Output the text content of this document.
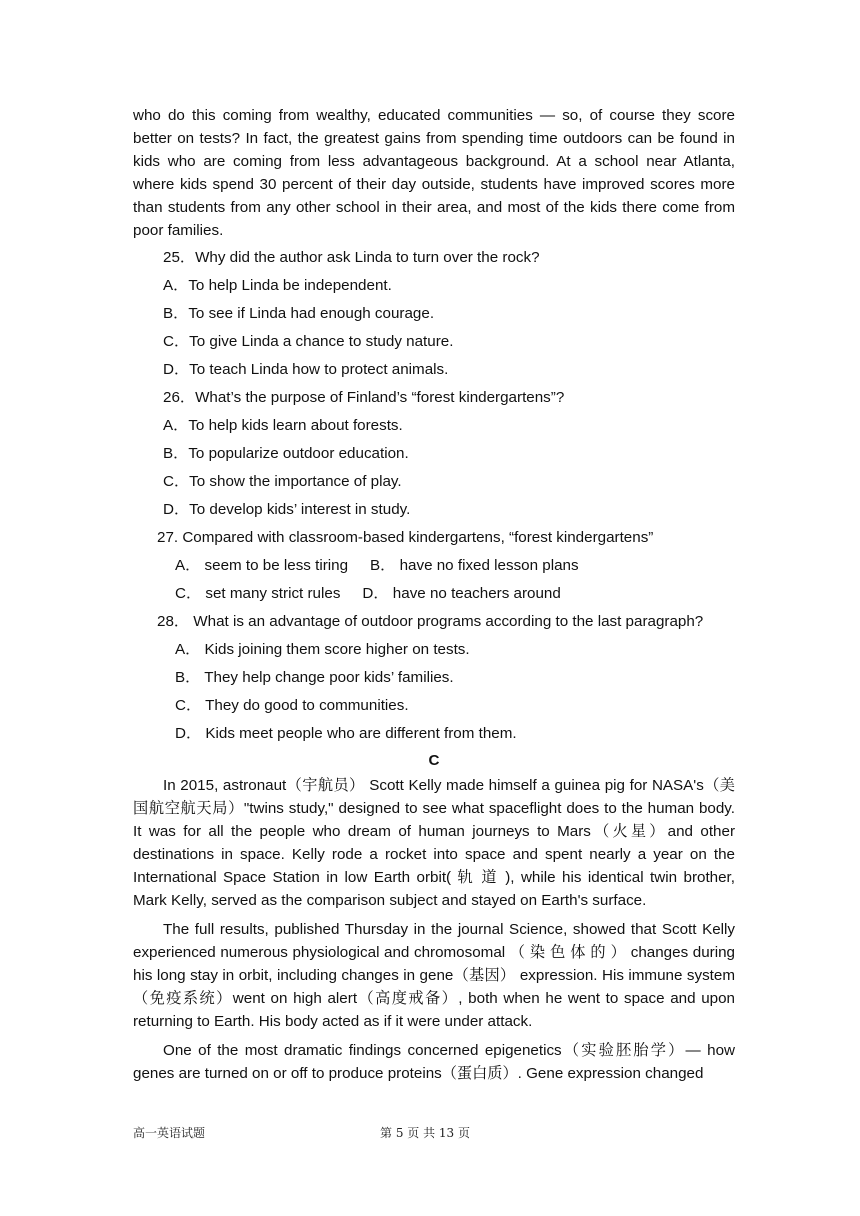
who do this coming from wealthy, educated communities — so, of course they score better on tests? In fact, the greatest gains from spending time outdoors can be found in kids who are coming from less advantageous background. At a school near Atlanta, where kids spend 30 percent of their day outside, students have improved scores more than students from any other school in their area, and most of the kids there come from poor families.

25．Why did the author ask Linda to turn over the rock?
A．To help Linda be independent.
B．To see if Linda had enough courage.
C．To give Linda a chance to study nature.
D．To teach Linda how to protect animals.
26．What’s the purpose of Finland’s “forest kindergartens”?
A．To help kids learn about forests.
B．To popularize outdoor education.
C．To show the importance of play.
D．To develop kids’ interest in study.
27. Compared with classroom-based kindergartens, “forest kindergartens”
A． seem to be less tiring B． have no fixed lesson plans
C． set many strict rules D． have no teachers around
28． What is an advantage of outdoor programs according to the last paragraph?
A． Kids joining them score higher on tests.
B． They help change poor kids’ families.
C． They do good to communities.
D． Kids meet people who are different from them.
C

In 2015, astronaut（宇航员） Scott Kelly made himself a guinea pig for NASA's（美国航空航天局）"twins study," designed to see what spaceflight does to the human body. It was for all the people who dream of human journeys to Mars（火星）and other destinations in space. Kelly rode a rocket into space and spent nearly a year on the International Space Station in low Earth orbit( 轨 道 ), while his identical twin brother, Mark Kelly, served as the comparison subject and stayed on Earth's surface.

The full results, published Thursday in the journal Science, showed that Scott Kelly experienced numerous physiological and chromosomal （ 染 色 体 的 ） changes during his long stay in orbit, including changes in gene（基因） expression. His immune system（免疫系统）went on high alert（高度戒备）, both when he went to space and upon returning to Earth. His body acted as if it were under attack.

One of the most dramatic findings concerned epigenetics（实验胚胎学）— how genes are turned on or off to produce proteins（蛋白质）. Gene expression changed

高一英语试题	第 5 页 共 13 页
